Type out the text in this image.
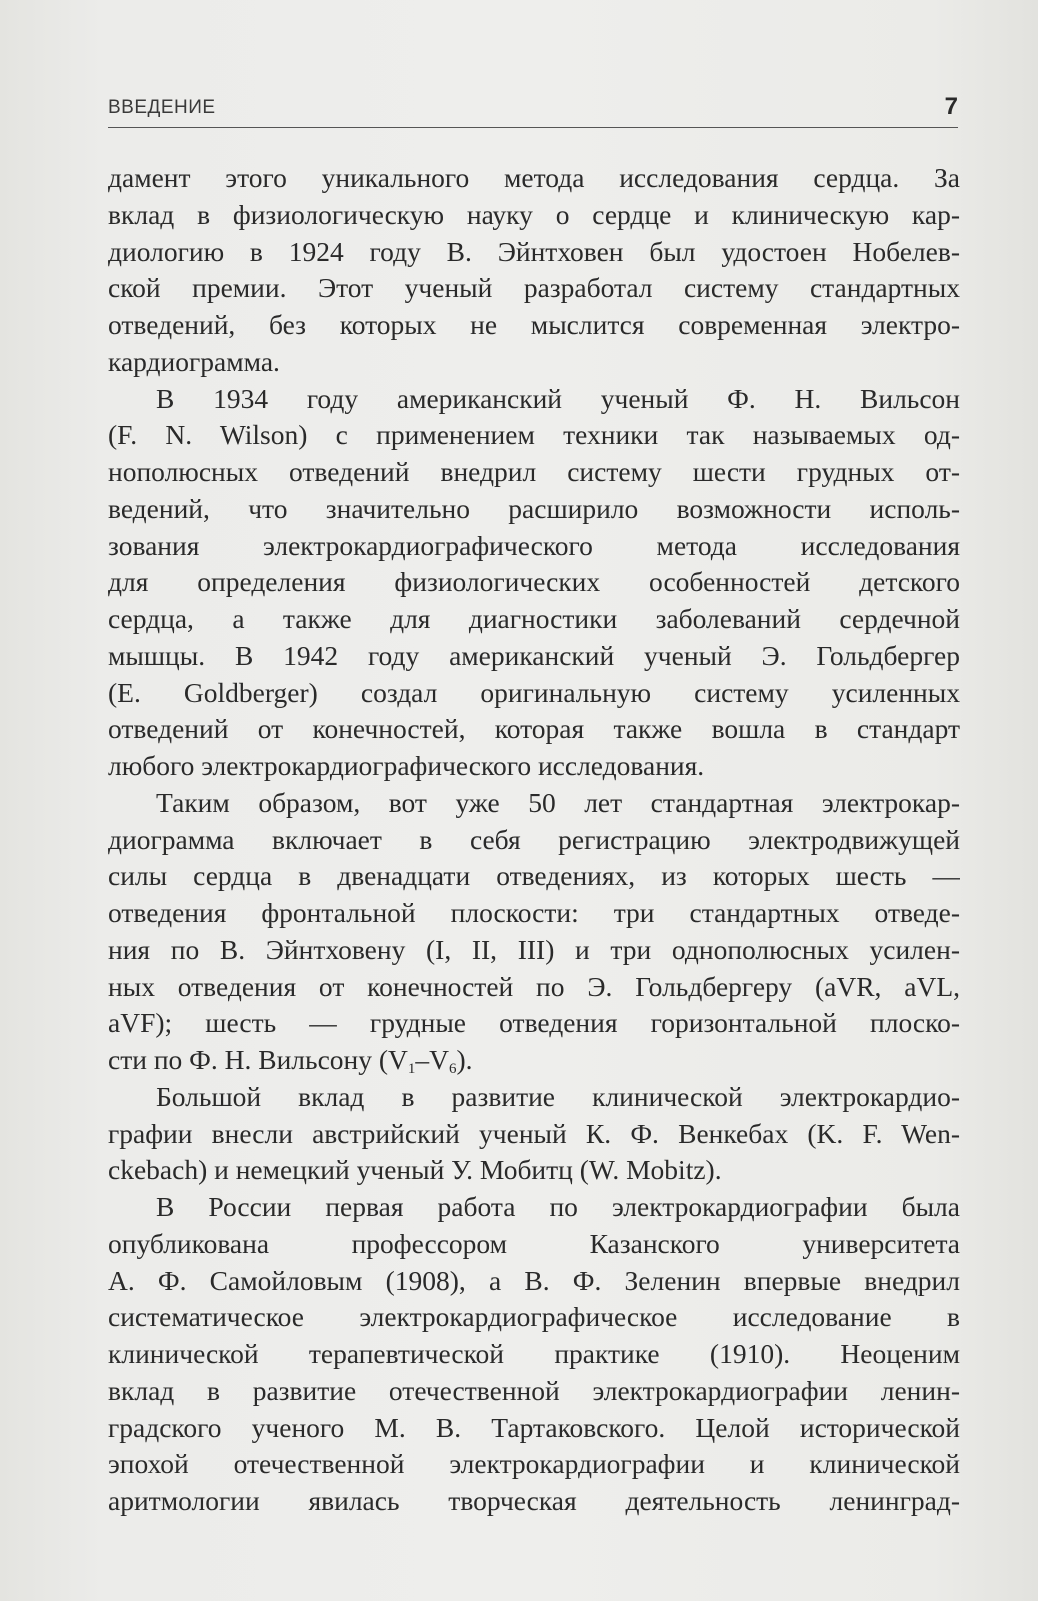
ВВЕДЕНИЕ	7
дамент этого уникального метода исследования сердца. За
вклад в физиологическую науку о сердце и клиническую кар-
диологию в 1924 году В. Эйнтховен был удостоен Нобелев-
ской премии. Этот ученый разработал систему стандартных
отведений, без которых не мыслится современная электро-
кардиограмма.
В 1934 году американский ученый Ф. Н. Вильсон
(F. N. Wilson) с применением техники так называемых од-
нополюсных отведений внедрил систему шести грудных от-
ведений, что значительно расширило возможности исполь-
зования электрокардиографического метода исследования
для определения физиологических особенностей детского
сердца, а также для диагностики заболеваний сердечной
мышцы. В 1942 году американский ученый Э. Гольдбергер
(E. Goldberger) создал оригинальную систему усиленных
отведений от конечностей, которая также вошла в стандарт
любого электрокардиографического исследования.
Таким образом, вот уже 50 лет стандартная электрокар-
диограмма включает в себя регистрацию электродвижущей
силы сердца в двенадцати отведениях, из которых шесть —
отведения фронтальной плоскости: три стандартных отведе-
ния по В. Эйнтховену (I, II, III) и три однополюсных усилен-
ных отведения от конечностей по Э. Гольдбергеру (aVR, aVL,
aVF); шесть — грудные отведения горизонтальной плоско-
сти по Ф. Н. Вильсону $(V_1-V_6)$.
Большой вклад в развитие клинической электрокардио-
графии внесли австрийский ученый К. Ф. Венкебах (K. F. Wen-
ckebach) и немецкий ученый У. Мобитц (W. Mobitz).
В России первая работа по электрокардиографии была
опубликована профессором Казанского университета
А. Ф. Самойловым (1908), а В. Ф. Зеленин впервые внедрил
систематическое электрокардиографическое исследование в
клинической терапевтической практике (1910). Неоценим
вклад в развитие отечественной электрокардиографии ленин-
градского ученого М. В. Тартаковского. Целой исторической
эпохой отечественной электрокардиографии и клинической
аритмологии явилась творческая деятельность ленинград-
